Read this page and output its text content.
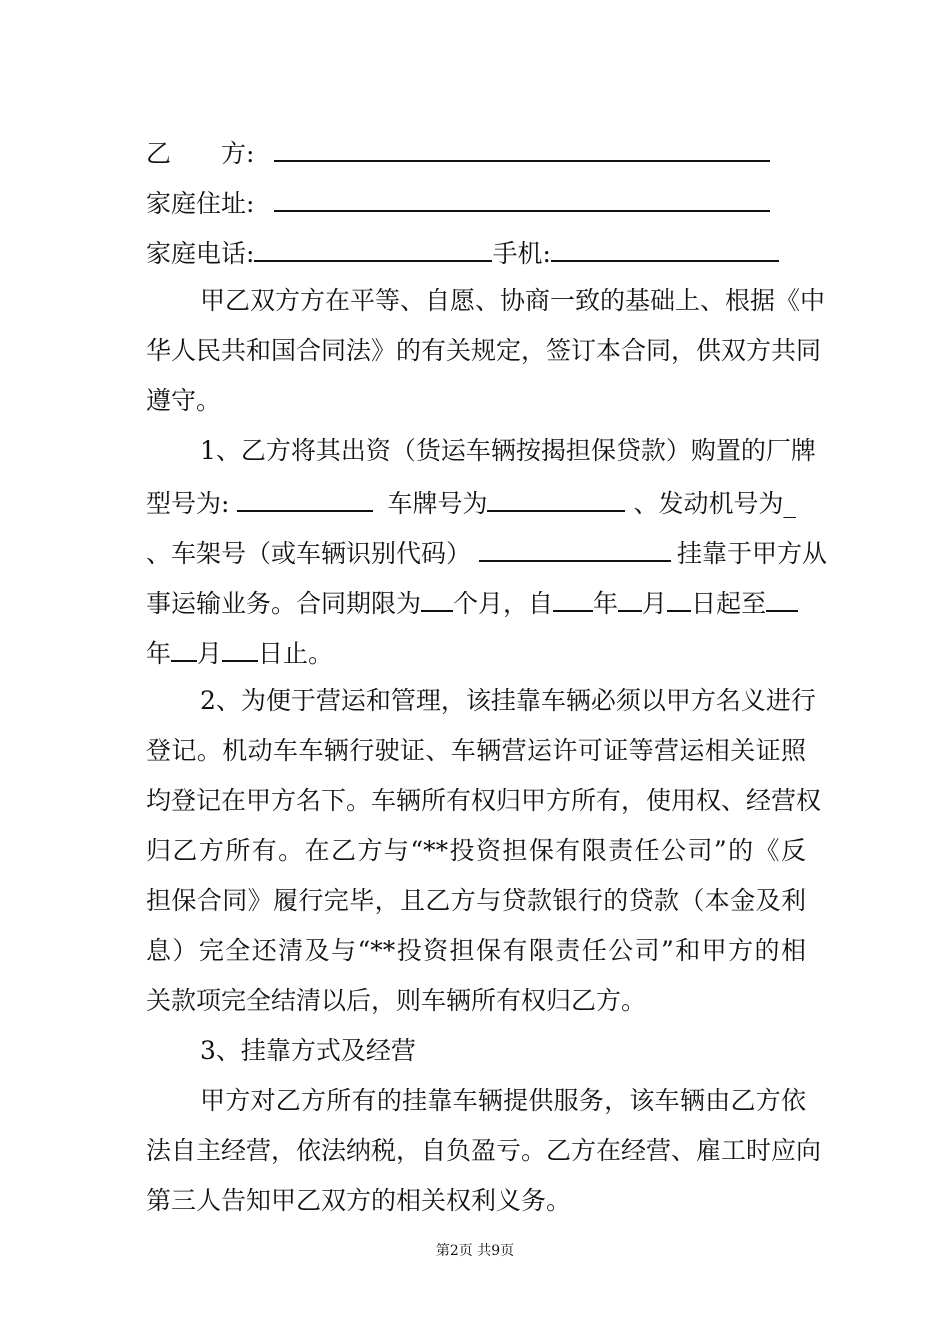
乙　　方:
家庭住址:
家庭电话:	手机:
甲乙双方方在平等、自愿、协商一致的基础上、根据《中
华人民共和国合同法》的有关规定，签订本合同，供双方共同
遵守。
1、乙方将其出资（货运车辆按揭担保贷款）购置的厂牌
型号为:	车牌号为	、发动机号为_
、车架号（或车辆识别代码）	挂靠于甲方从
事运输业务。合同期限为 个月，自 年 月 日起至
年 月 日止。
2、为便于营运和管理，该挂靠车辆必须以甲方名义进行
登记。机动车车辆行驶证、车辆营运许可证等营运相关证照
均登记在甲方名下。车辆所有权归甲方所有，使用权、经营权
归乙方所有。在乙方与“**投资担保有限责任公司”的《反
担保合同》履行完毕，且乙方与贷款银行的贷款（本金及利
息）完全还清及与“**投资担保有限责任公司”和甲方的相
关款项完全结清以后，则车辆所有权归乙方。
3、挂靠方式及经营
甲方对乙方所有的挂靠车辆提供服务，该车辆由乙方依
法自主经营，依法纳税，自负盈亏。乙方在经营、雇工时应向
第三人告知甲乙双方的相关权利义务。
第2页 共9页
